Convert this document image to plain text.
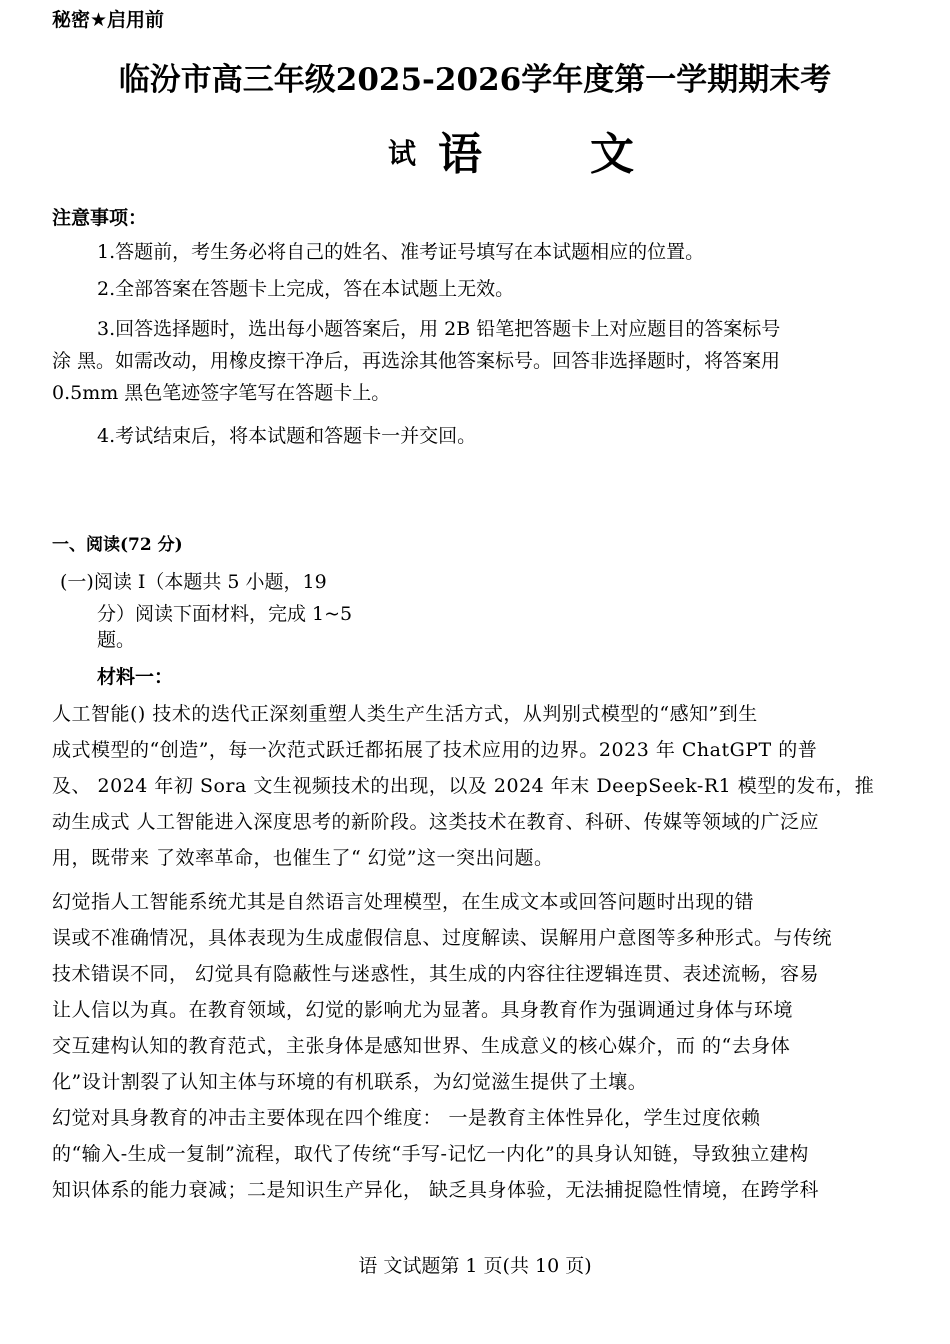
秘密★启用前
临汾市高三年级2025-2026学年度第一学期期末考
试 语 文
注意事项：
1.答题前，考生务必将自己的姓名、准考证号填写在本试题相应的位置。
2.全部答案在答题卡上完成，答在本试题上无效。
3.回答选择题时，选出每小题答案后，用 2B 铅笔把答题卡上对应题目的答案标号
涂 黑。如需改动，用橡皮擦干净后，再选涂其他答案标号。回答非选择题时，将答案用
0.5mm 黑色笔迹签字笔写在答题卡上。
4.考试结束后，将本试题和答题卡一并交回。
一、阅读(72 分)
(一)阅读 I（本题共 5 小题，19
分）阅读下面材料，完成 1~5
题。
材料一：
人工智能() 技术的迭代正深刻重塑人类生产生活方式，从判别式模型的“感知”到生
成式模型的“创造”，每一次范式跃迁都拓展了技术应用的边界。2023 年 ChatGPT 的普
及、 2024 年初 Sora 文生视频技术的出现，以及 2024 年末 DeepSeek-R1 模型的发布，推
动生成式 人工智能进入深度思考的新阶段。这类技术在教育、科研、传媒等领域的广泛应
用，既带来 了效率革命，也催生了“ 幻觉”这一突出问题。
幻觉指人工智能系统尤其是自然语言处理模型，在生成文本或回答问题时出现的错
误或不准确情况，具体表现为生成虚假信息、过度解读、误解用户意图等多种形式。与传统
技术错误不同， 幻觉具有隐蔽性与迷惑性，其生成的内容往往逻辑连贯、表述流畅，容易
让人信以为真。在教育领域，幻觉的影响尤为显著。具身教育作为强调通过身体与环境
交互建构认知的教育范式，主张身体是感知世界、生成意义的核心媒介，而 的“去身体
化”设计割裂了认知主体与环境的有机联系，为幻觉滋生提供了土壤。
幻觉对具身教育的冲击主要体现在四个维度： 一是教育主体性异化，学生过度依赖
的“输入-生成一复制”流程，取代了传统“手写-记忆一内化”的具身认知链，导致独立建构
知识体系的能力衰减；二是知识生产异化， 缺乏具身体验，无法捕捉隐性情境，在跨学科
语 文试题第 1 页(共 10 页)
